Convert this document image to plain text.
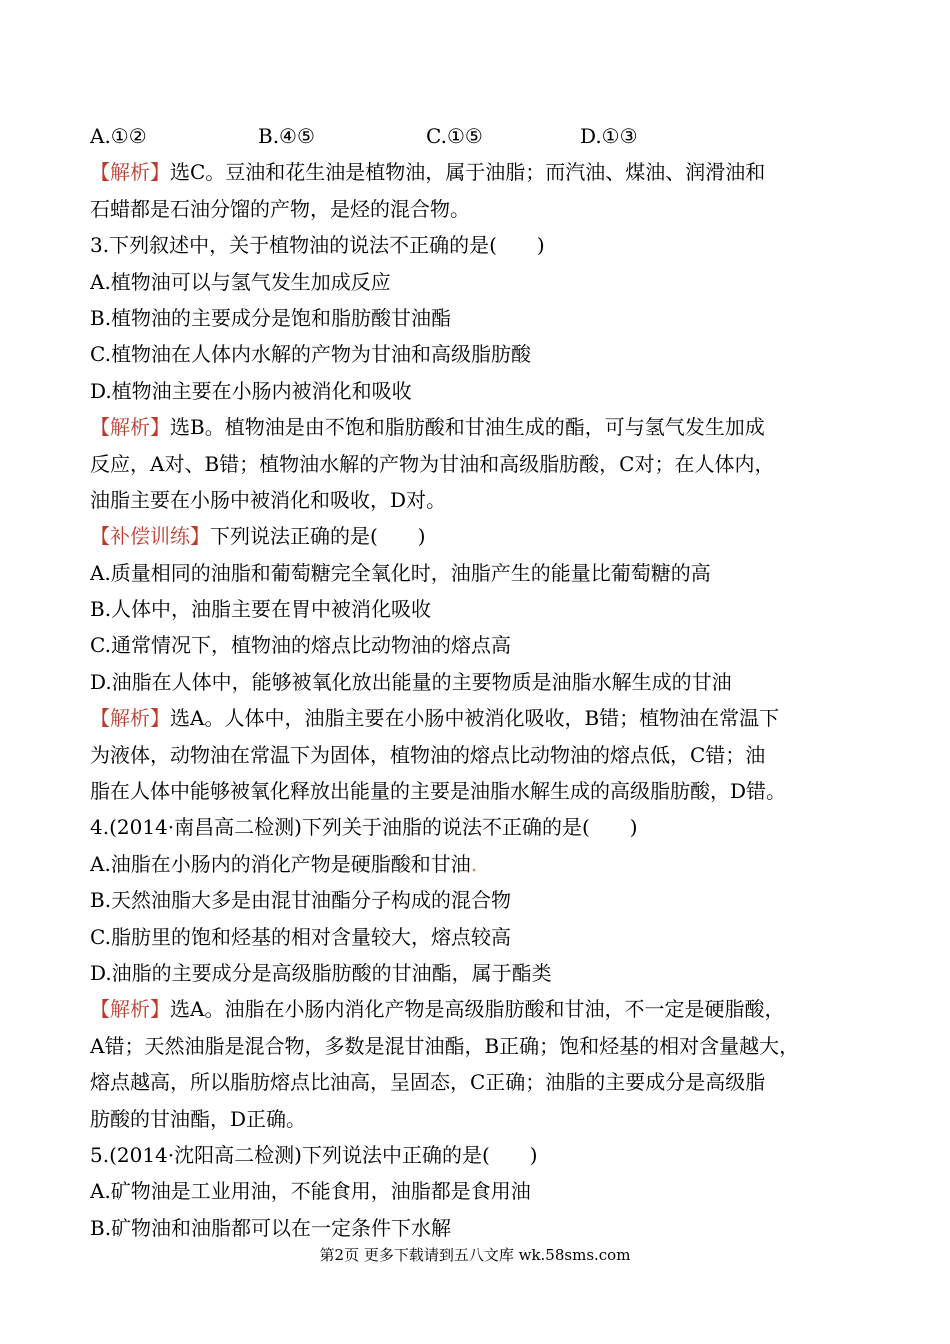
A.①②	B.④⑤	C.①⑤	D.①③
【解析】选C。豆油和花生油是植物油，属于油脂；而汽油、煤油、润滑油和
石蜡都是石油分馏的产物，是烃的混合物。
3.下列叙述中，关于植物油的说法不正确的是(　　)
A.植物油可以与氢气发生加成反应
B.植物油的主要成分是饱和脂肪酸甘油酯
C.植物油在人体内水解的产物为甘油和高级脂肪酸
D.植物油主要在小肠内被消化和吸收
【解析】选B。植物油是由不饱和脂肪酸和甘油生成的酯，可与氢气发生加成
反应，A对、B错；植物油水解的产物为甘油和高级脂肪酸，C对；在人体内，
油脂主要在小肠中被消化和吸收，D对。
【补偿训练】下列说法正确的是(　　)
A.质量相同的油脂和葡萄糖完全氧化时，油脂产生的能量比葡萄糖的高
B.人体中，油脂主要在胃中被消化吸收
C.通常情况下，植物油的熔点比动物油的熔点高
D.油脂在人体中，能够被氧化放出能量的主要物质是油脂水解生成的甘油
【解析】选A。人体中，油脂主要在小肠中被消化吸收，B错；植物油在常温下
为液体，动物油在常温下为固体，植物油的熔点比动物油的熔点低，C错；油
脂在人体中能够被氧化释放出能量的主要是油脂水解生成的高级脂肪酸，D错。
4.(2014·南昌高二检测)下列关于油脂的说法不正确的是(　　)
A.油脂在小肠内的消化产物是硬脂酸和甘油.
B.天然油脂大多是由混甘油酯分子构成的混合物
C.脂肪里的饱和烃基的相对含量较大，熔点较高
D.油脂的主要成分是高级脂肪酸的甘油酯，属于酯类
【解析】选A。油脂在小肠内消化产物是高级脂肪酸和甘油，不一定是硬脂酸，
A错；天然油脂是混合物，多数是混甘油酯，B正确；饱和烃基的相对含量越大，
熔点越高，所以脂肪熔点比油高，呈固态，C正确；油脂的主要成分是高级脂
肪酸的甘油酯，D正确。
5.(2014·沈阳高二检测)下列说法中正确的是(　　)
A.矿物油是工业用油，不能食用，油脂都是食用油
B.矿物油和油脂都可以在一定条件下水解
第2页 更多下载请到五八文库 wk.58sms.com
